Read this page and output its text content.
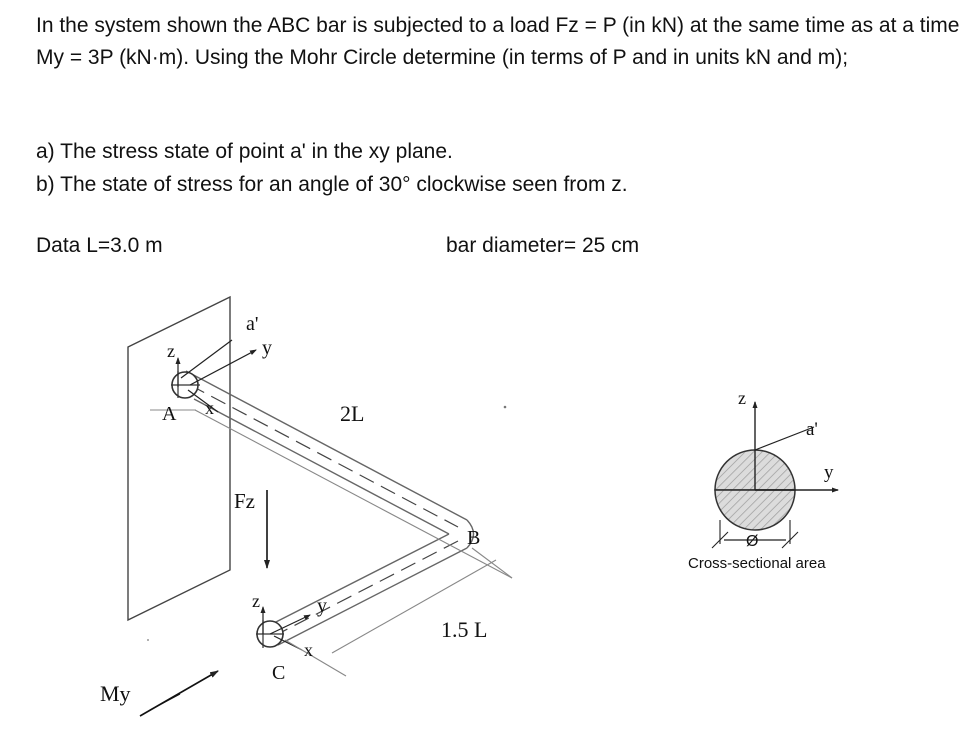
In the system shown the ABC bar is subjected to a load Fz = P (in kN) at the same time as at a time My = 3P (kN·m). Using the Mohr Circle determine (in terms of P and in units kN and m);

a) The stress state of point a' in the xy plane.

b) The state of stress for an angle of 30° clockwise seen from z.

Data L=3.0 m	bar diameter= 25 cm

a'
z	y
A x	2L
Fz
B
z	y
x
C
1.5 L
My
z
a'
y
Ø
Cross-sectional area
